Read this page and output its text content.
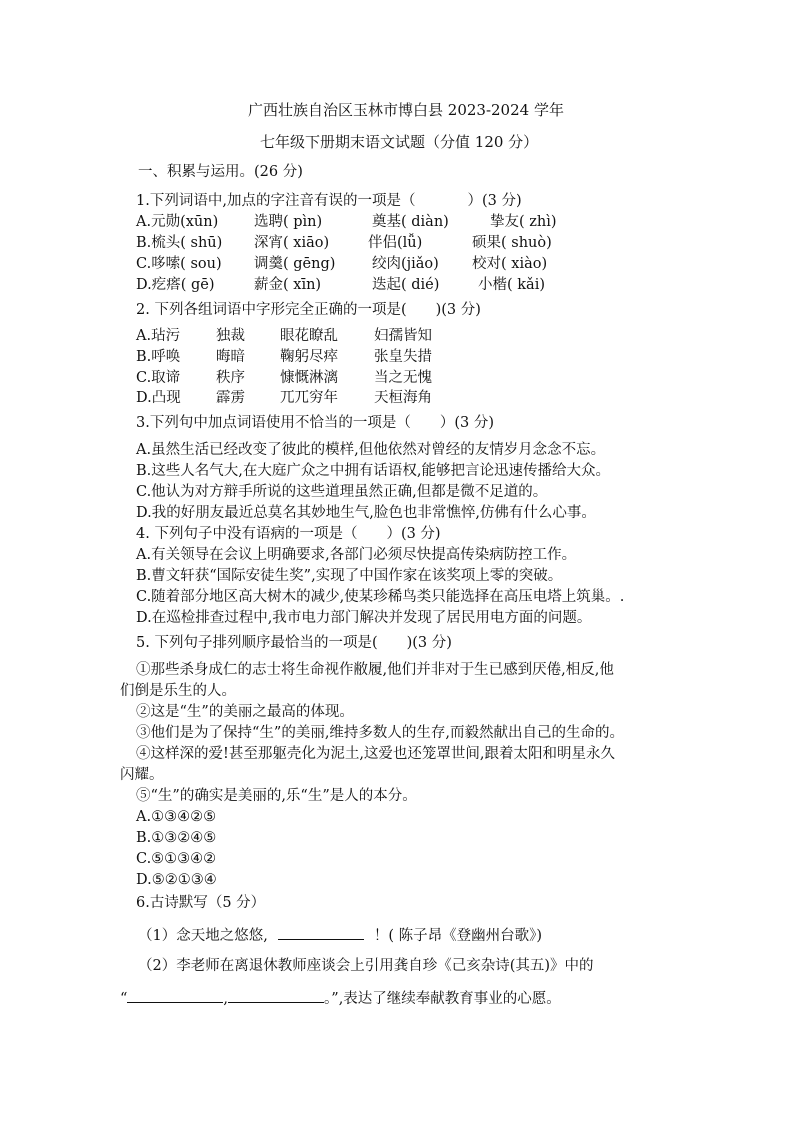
广西壮族自治区玉林市博白县 2023-2024 学年
七年级下册期末语文试题（分值 120 分）
一、积累与运用。(26 分)
1.下列词语中,加点的字注音有误的一项是（	）(3 分)
A.元勋(xūn) 选聘( pìn)	奠基( diàn)	挚友( zhì)
B.梳头( shū) 深宵( xiāo)	伴侣(lǚ)	硕果( shuò)
C.哆嗦( sou) 调羹( gēng)	绞肉(jiǎo) 校对( xiào)
D.疙瘩( gē)	薪金( xīn)	迭起( dié)	小楷( kǎi)
2. 下列各组词语中字形完全正确的一项是(　　)(3 分)
A.玷污 独裁 眼花瞭乱 妇孺皆知
B.呼唤 晦暗 鞠躬尽瘁 张皇失措
C.取谛 秩序 慷慨淋漓 当之无愧
D.凸现 霹雳 兀兀穷年 天桓海角
3.下列句中加点词语使用不恰当的一项是（　　）(3 分)
A.虽然生活已经改变了彼此的模样,但他依然对曾经的友情岁月念念不忘。
B.这些人名气大,在大庭广众之中拥有话语权,能够把言论迅速传播给大众。
C.他认为对方辩手所说的这些道理虽然正确,但都是微不足道的。
D.我的好朋友最近总莫名其妙地生气,脸色也非常憔悴,仿佛有什么心事。
4. 下列句子中没有语病的一项是（　　）(3 分)
A.有关领导在会议上明确要求,各部门必须尽快提高传染病防控工作。
B.曹文轩获“国际安徒生奖”,实现了中国作家在该奖项上零的突破。
C.随着部分地区高大树木的减少,使某珍稀鸟类只能选择在高压电塔上筑巢。.
D.在巡检排查过程中,我市电力部门解决并发现了居民用电方面的问题。
5. 下列句子排列顺序最恰当的一项是(　　)(3 分)
①那些杀身成仁的志士将生命视作敝履,他们并非对于生已感到厌倦,相反,他
们倒是乐生的人。
②这是“生”的美丽之最高的体现。
③他们是为了保持“生”的美丽,维持多数人的生存,而毅然献出自己的生命的。
④这样深的爱!甚至那躯壳化为泥土,这爱也还笼罩世间,跟着太阳和明星永久
闪耀。
⑤“生”的确实是美丽的,乐“生”是人的本分。
A.①③④②⑤
B.①③②④⑤
C.⑤①③④②
D.⑤②①③④
6.古诗默写（5 分）
（1）念天地之悠悠,	！( 陈子昂《登幽州台歌》)
（2）李老师在离退休教师座谈会上引用龚自珍《己亥杂诗(其五)》中的
“	,	。”,表达了继续奉献教育事业的心愿。
